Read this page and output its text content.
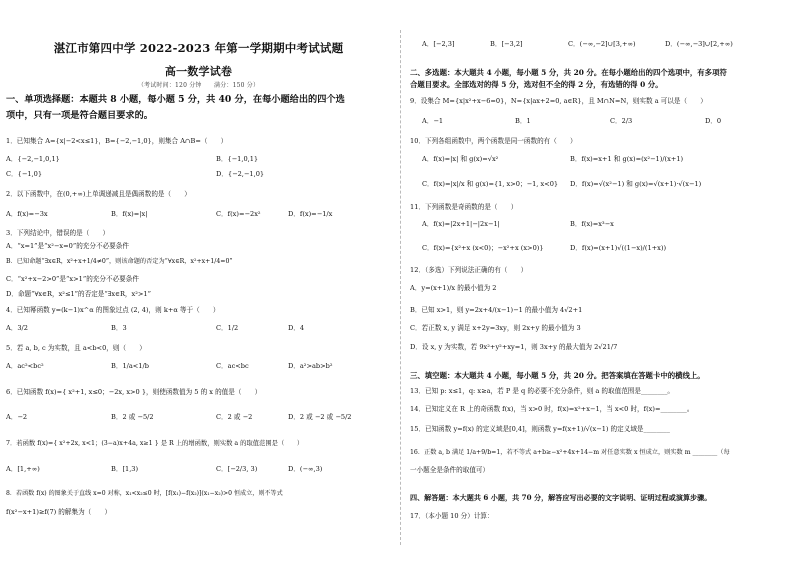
湛江市第四中学 2022-2023 年第一学期期中考试试题
高一数学试卷
（考试时间：120 分钟　　满分：150 分）
一、单项选择题：本题共 8 小题，每小题 5 分，共 40 分，在每小题给出的四个选
项中，只有一项是符合题目要求的。
1．已知集合 A={x|−2<x≤1}，B={−2,−1,0}，则集合 A∩B=（　　）
A．{−2,−1,0,1}	B．{−1,0,1}
C．{−1,0}	D．{−2,−1,0}
2．以下函数中，在(0,+∞)上单调递减且是偶函数的是（　　）
A．f(x)=−3x	B．f(x)=|x|	C．f(x)=−2x²	D．f(x)=−1/x
3．下列结论中，错误的是（　　）
A．“x=1”是“x²−x=0”的充分不必要条件
B．已知命题“∃x∈R，x²+x+1/4≠0”，则该命题的否定为“∀x∈R，x²+x+1/4=0”
C．“x²+x−2>0”是“x>1”的充分不必要条件
D．命题“∀x∈R，x²≤1”的否定是“∃x∈R，x²>1”
4．已知幂函数 y=(k−1)x^α 的图象过点 (2, 4)，则 k+α 等于（　　）
A．3/2	B．3	C．1/2	D．4
5．若 a, b, c 为实数，且 a<b<0，则（　　）
A．ac²<bc²	B．1/a<1/b	C．ac<bc	D．a²>ab>b²
6．已知函数 f(x)={ x²+1, x≤0；−2x, x>0 }，则使函数值为 5 的 x 的值是（　　）
A．−2	B．2 或 −5/2	C．2 或 −2	D．2 或 −2 或 −5/2
7．若函数 f(x)={ x²+2x, x<1；(3−a)x+4a, x≥1 } 是 R 上的增函数，则实数 a 的取值范围是（　　）
A．[1,+∞)	B．[1,3)	C．[−2/3, 3)	D．(−∞,3)
8．若函数 f(x) 的图象关于直线 x=0 对称，x₁<x₂≤0 时，[f(x₁)−f(x₂)](x₁−x₂)>0 恒成立，则不等式
f(x²−x+1)≥f(7) 的解集为（　　）
A．[−2,3]	B．[−3,2]	C．(−∞,−2]∪[3,+∞)	D．(−∞,−3]∪[2,+∞)
二、多选题：本大题共 4 小题，每小题 5 分，共 20 分。在每小题给出的四个选项中，有多项符
合题目要求。全部选对的得 5 分，选对但不全的得 2 分，有选错的得 0 分。
9．设集合 M={x|x²+x−6=0}，N={x|ax+2=0, a∈R}，且 M∩N=N，则实数 a 可以是（　　）
A．−1	B．1	C．2/3	D．0
10．下列各组函数中，两个函数是同一函数的有（　　）
A．f(x)=|x| 和 g(x)=√x²	B．f(x)=x+1 和 g(x)=(x²−1)/(x+1)
C．f(x)=|x|/x 和 g(x)={1, x>0；−1, x<0} D．f(x)=√(x²−1) 和 g(x)=√(x+1)·√(x−1)
11．下列函数是奇函数的是（　　）
A．f(x)=|2x+1|−|2x−1|	B．f(x)=x³−x
C．f(x)={x²+x (x<0)；−x²+x (x>0)}	D．f(x)=(x+1)√((1−x)/(1+x))
12．（多选）下列说法正确的有（　　）
A．y=(x+1)/x 的最小值为 2
B．已知 x>1，则 y=2x+4/(x−1)−1 的最小值为 4√2+1
C．若正数 x, y 满足 x+2y=3xy，则 2x+y 的最小值为 3
D．设 x, y 为实数，若 9x²+y²+xy=1，则 3x+y 的最大值为 2√21/7
三、填空题：本大题共 4 小题，每小题 5 分，共 20 分。把答案填在答题卡中的横线上。
13．已知 p: x≤1，q: x≥a，若 P 是 q 的必要不充分条件，则 a 的取值范围是________。
14．已知定义在 R 上的奇函数 f(x)，当 x>0 时，f(x)=x²+x−1，当 x<0 时，f(x)=________。
15．已知函数 y=f(x) 的定义域是[0,4]，则函数 y=f(x+1)/√(x−1) 的定义域是________
16．正数 a, b 满足 1/a+9/b=1，若不等式 a+b≥−x²+4x+14−m 对任意实数 x 恒成立，则实数 m ________（每
一小题全是条件的取值可）
四、解答题：本大题共 6 小题，共 70 分，解答应写出必要的文字说明、证明过程或演算步骤。
17．（本小题 10 分）计算：
